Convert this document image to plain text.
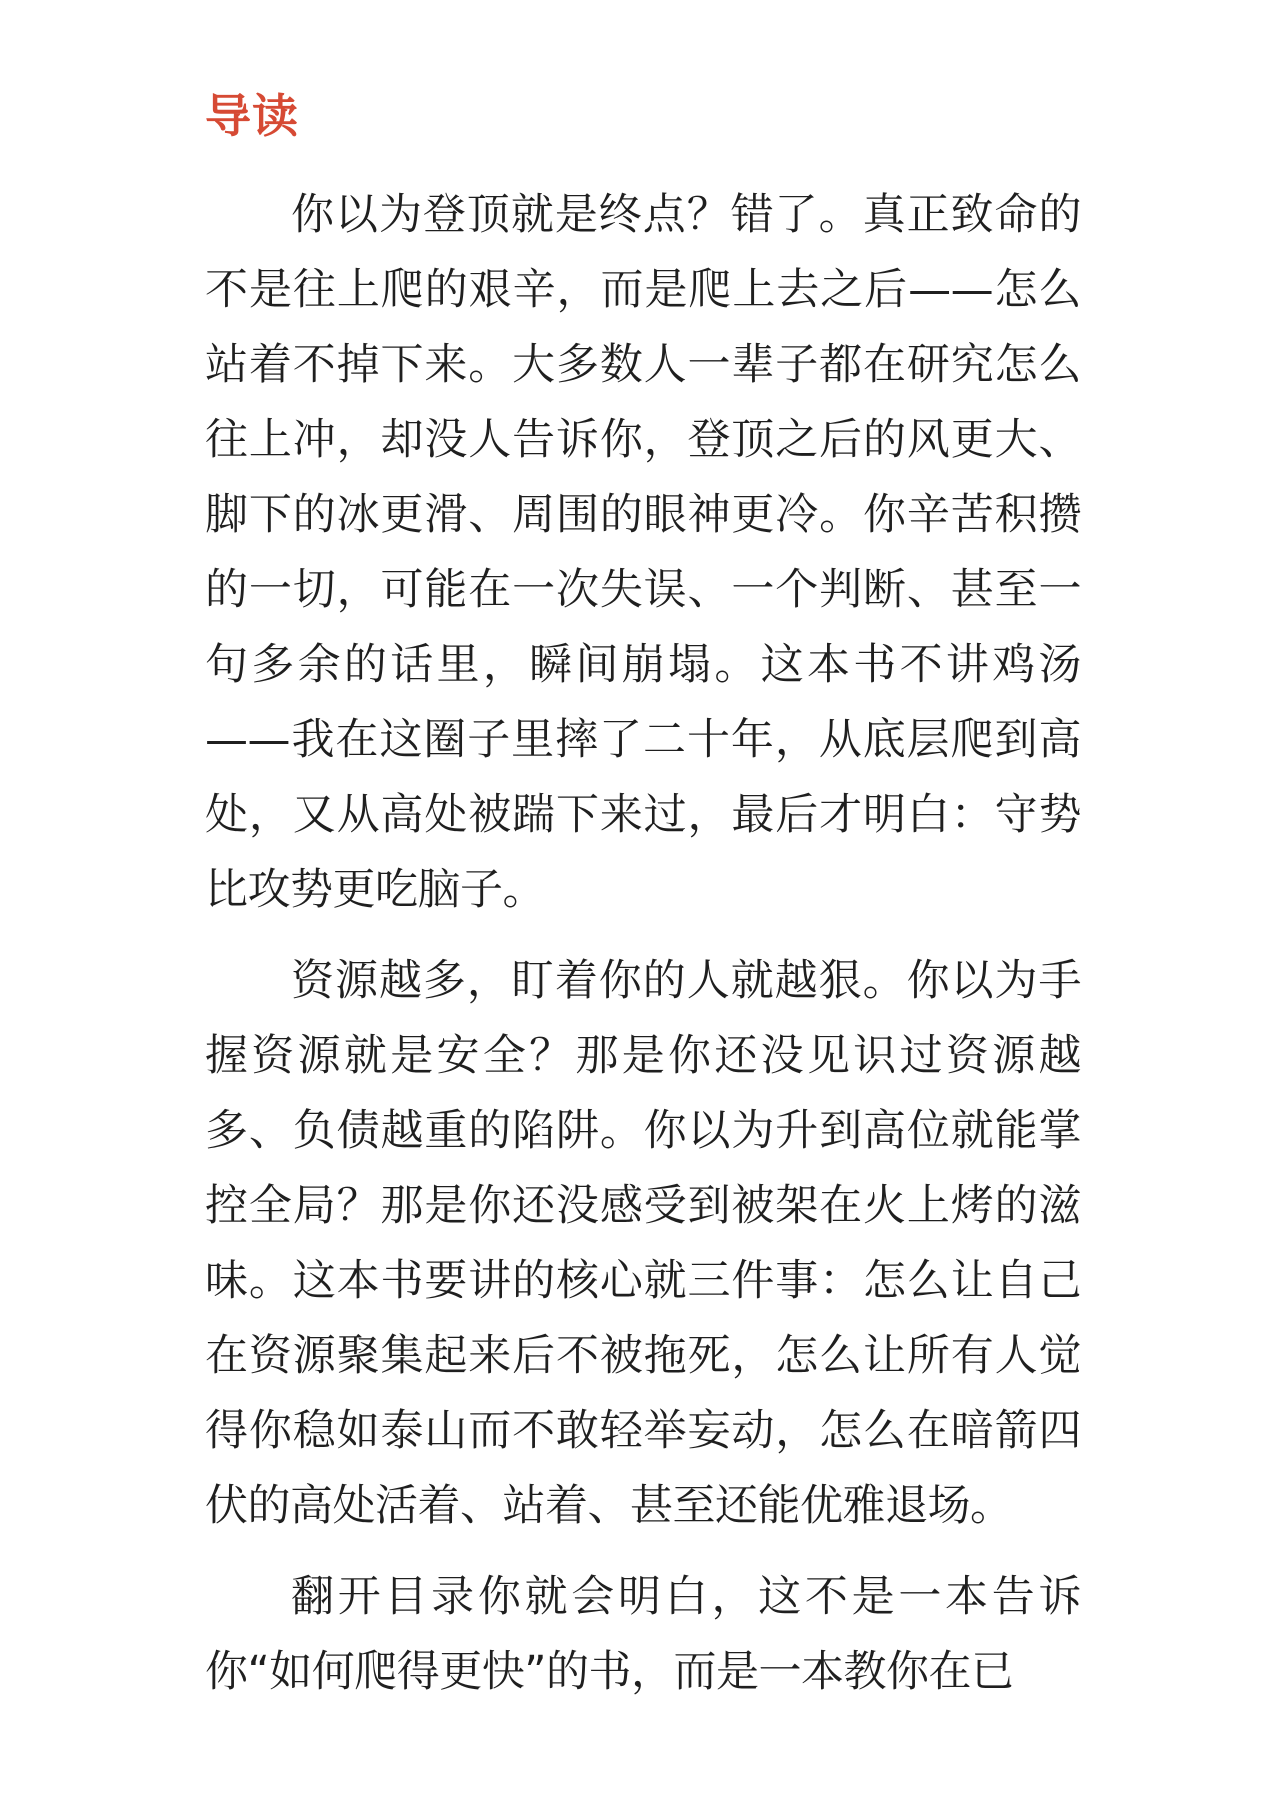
导读

你以为登顶就是终点？错了。真正致命的不是往上爬的艰辛，而是爬上去之后——怎么站着不掉下来。大多数人一辈子都在研究怎么往上冲，却没人告诉你，登顶之后的风更大、脚下的冰更滑、周围的眼神更冷。你辛苦积攒的一切，可能在一次失误、一个判断、甚至一句多余的话里，瞬间崩塌。这本书不讲鸡汤——我在这圈子里摔了二十年，从底层爬到高处，又从高处被踹下来过，最后才明白：守势比攻势更吃脑子。

资源越多，盯着你的人就越狠。你以为手握资源就是安全？那是你还没见识过资源越多、负债越重的陷阱。你以为升到高位就能掌控全局？那是你还没感受到被架在火上烤的滋味。这本书要讲的核心就三件事：怎么让自己在资源聚集起来后不被拖死，怎么让所有人觉得你稳如泰山而不敢轻举妄动，怎么在暗箭四伏的高处活着、站着、甚至还能优雅退场。

翻开目录你就会明白，这不是一本告诉你“如何爬得更快”的书，而是一本教你在已
